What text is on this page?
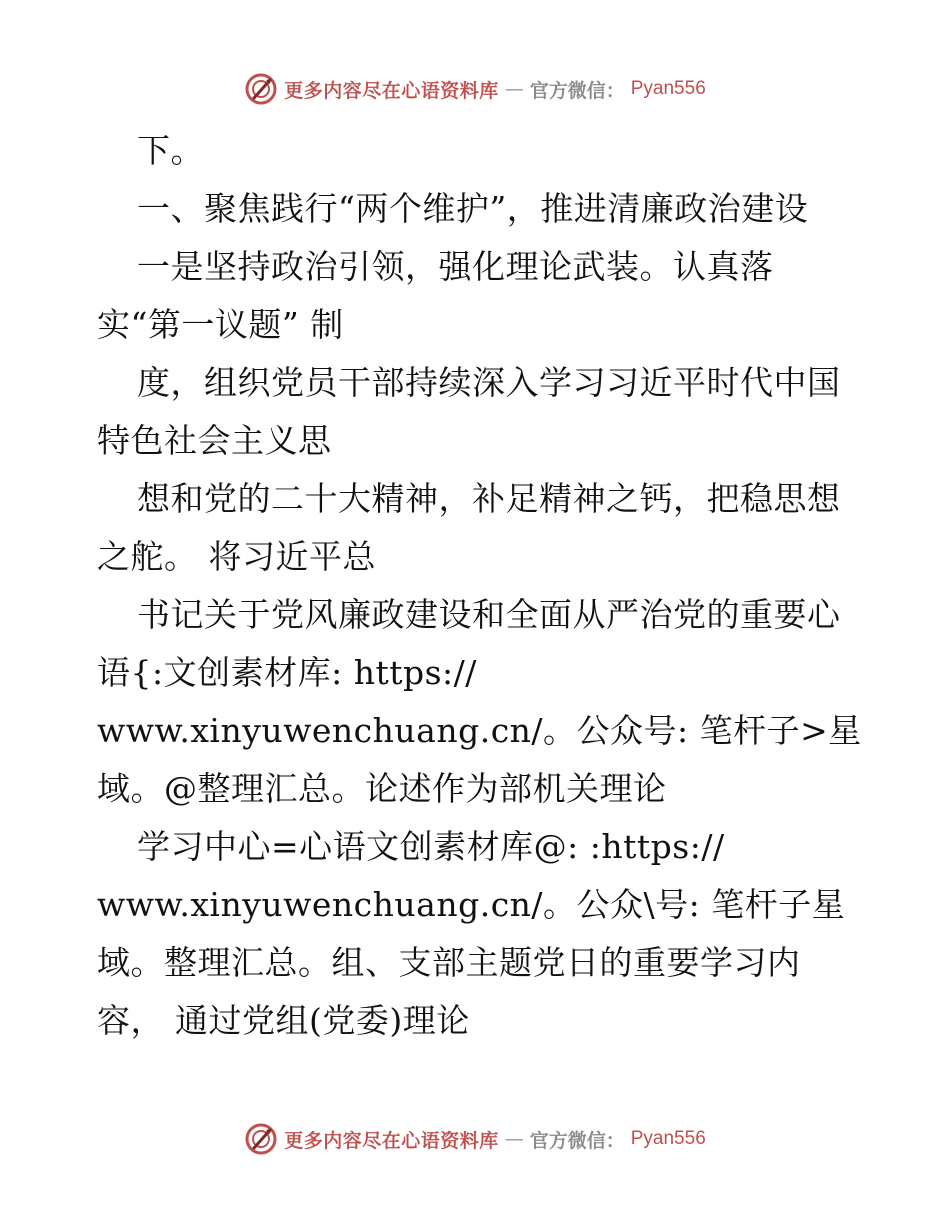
更多内容尽在心语资料库 — 官方微信： Pyan556
下。
一、聚焦践行“两个维护”，推进清廉政治建设
一是坚持政治引领，强化理论武装。认真落
实“第一议题” 制
度，组织党员干部持续深入学习习近平时代中国
特色社会主义思
想和党的二十大精神，补足精神之钙，把稳思想
之舵。 将习近平总
书记关于党风廉政建设和全面从严治党的重要心
语{:文创素材库: https://
www.xinyuwenchuang.cn/。公众号: 笔杆子>星
域。@整理汇总。论述作为部机关理论
学习中心=心语文创素材库@: :https://
www.xinyuwenchuang.cn/。公众\号: 笔杆子星
域。整理汇总。组、支部主题党日的重要学习内
容， 通过党组(党委)理论
更多内容尽在心语资料库 — 官方微信： Pyan556
